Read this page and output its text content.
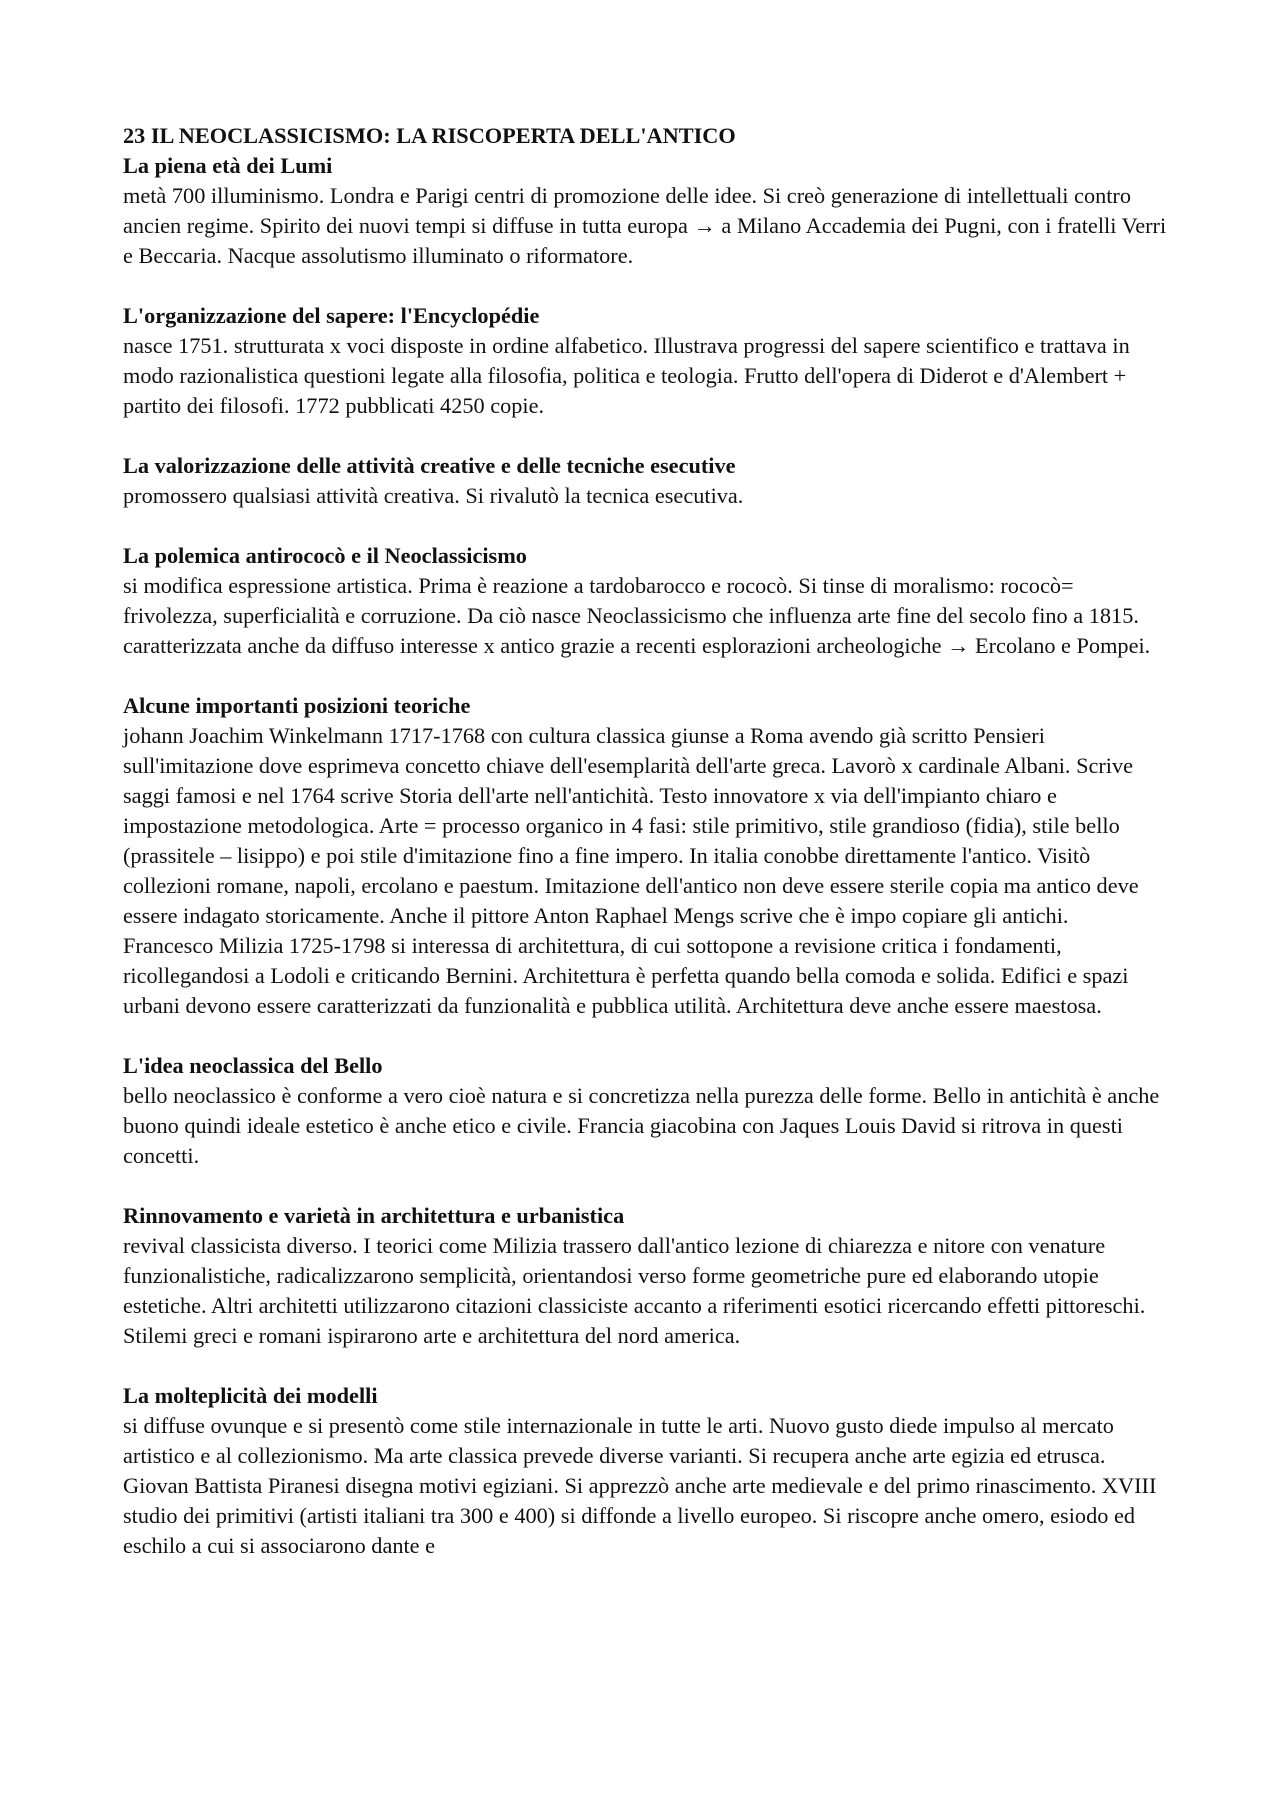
23 IL NEOCLASSICISMO: LA RISCOPERTA DELL'ANTICO
La piena età dei Lumi

metà 700 illuminismo. Londra e Parigi centri di promozione delle idee. Si creò generazione di intellettuali contro ancien regime. Spirito dei nuovi tempi si diffuse in tutta europa → a Milano Accademia dei Pugni, con i fratelli Verri e Beccaria. Nacque assolutismo illuminato o riformatore.

L'organizzazione del sapere: l'Encyclopédie

nasce 1751. strutturata x voci disposte in ordine alfabetico. Illustrava progressi del sapere scientifico e trattava in modo razionalistica questioni legate alla filosofia, politica e teologia. Frutto dell'opera di Diderot e d'Alembert + partito dei filosofi. 1772 pubblicati 4250 copie.

La valorizzazione delle attività creative e delle tecniche esecutive

promossero qualsiasi attività creativa. Si rivalutò la tecnica esecutiva.

La polemica antirococò e il Neoclassicismo

si modifica espressione artistica. Prima è reazione a tardobarocco e rococò. Si tinse di moralismo: rococò= frivolezza, superficialità e corruzione. Da ciò nasce Neoclassicismo che influenza arte fine del secolo fino a 1815. caratterizzata anche da diffuso interesse x antico grazie a recenti esplorazioni archeologiche → Ercolano e Pompei.

Alcune importanti posizioni teoriche

johann Joachim Winkelmann 1717-1768 con cultura classica giunse a Roma avendo già scritto Pensieri sull'imitazione dove esprimeva concetto chiave dell'esemplarità dell'arte greca. Lavorò x cardinale Albani. Scrive saggi famosi e nel 1764 scrive Storia dell'arte nell'antichità. Testo innovatore x via dell'impianto chiaro e impostazione metodologica. Arte = processo organico in 4 fasi: stile primitivo, stile grandioso (fidia), stile bello (prassitele – lisippo) e poi stile d'imitazione fino a fine impero. In italia conobbe direttamente l'antico. Visitò collezioni romane, napoli, ercolano e paestum. Imitazione dell'antico non deve essere sterile copia ma antico deve essere indagato storicamente. Anche il pittore Anton Raphael Mengs scrive che è impo copiare gli antichi.

Francesco Milizia 1725-1798 si interessa di architettura, di cui sottopone a revisione critica i fondamenti, ricollegandosi a Lodoli e criticando Bernini. Architettura è perfetta quando bella comoda e solida. Edifici e spazi urbani devono essere caratterizzati da funzionalità e pubblica utilità. Architettura deve anche essere maestosa.

L'idea neoclassica del Bello

bello neoclassico è conforme a vero cioè natura e si concretizza nella purezza delle forme. Bello in antichità è anche buono quindi ideale estetico è anche etico e civile. Francia giacobina con Jaques Louis David si ritrova in questi concetti.

Rinnovamento e varietà in architettura e urbanistica

revival classicista diverso. I teorici come Milizia trassero dall'antico lezione di chiarezza e nitore con venature funzionalistiche, radicalizzarono semplicità, orientandosi verso forme geometriche pure ed elaborando utopie estetiche. Altri architetti utilizzarono citazioni classiciste accanto a riferimenti esotici ricercando effetti pittoreschi.

Stilemi greci e romani ispirarono arte e architettura del nord america.

La molteplicità dei modelli

si diffuse ovunque e si presentò come stile internazionale in tutte le arti. Nuovo gusto diede impulso al mercato artistico e al collezionismo. Ma arte classica prevede diverse varianti. Si recupera anche arte egizia ed etrusca. Giovan Battista Piranesi disegna motivi egiziani. Si apprezzò anche arte medievale e del primo rinascimento. XVIII studio dei primitivi (artisti italiani tra 300 e 400) si diffonde a livello europeo. Si riscopre anche omero, esiodo ed eschilo a cui si associarono dante e
